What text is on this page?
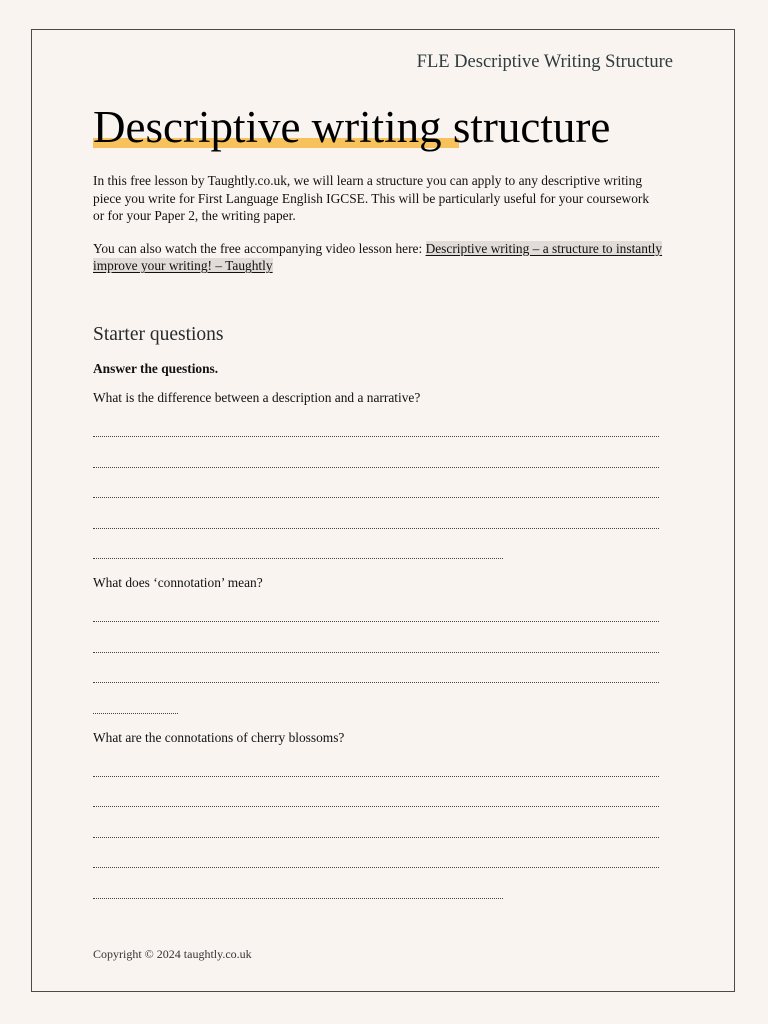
FLE Descriptive Writing Structure
Descriptive writing structure

In this free lesson by Taughtly.co.uk, we will learn a structure you can apply to any descriptive writing piece you write for First Language English IGCSE. This will be particularly useful for your coursework or for your Paper 2, the writing paper.

You can also watch the free accompanying video lesson here: Descriptive writing – a structure to instantly improve your writing! – Taughtly

Starter questions

Answer the questions.

What is the difference between a description and a narrative?

What does ‘connotation’ mean?

What are the connotations of cherry blossoms?

Copyright © 2024 taughtly.co.uk
